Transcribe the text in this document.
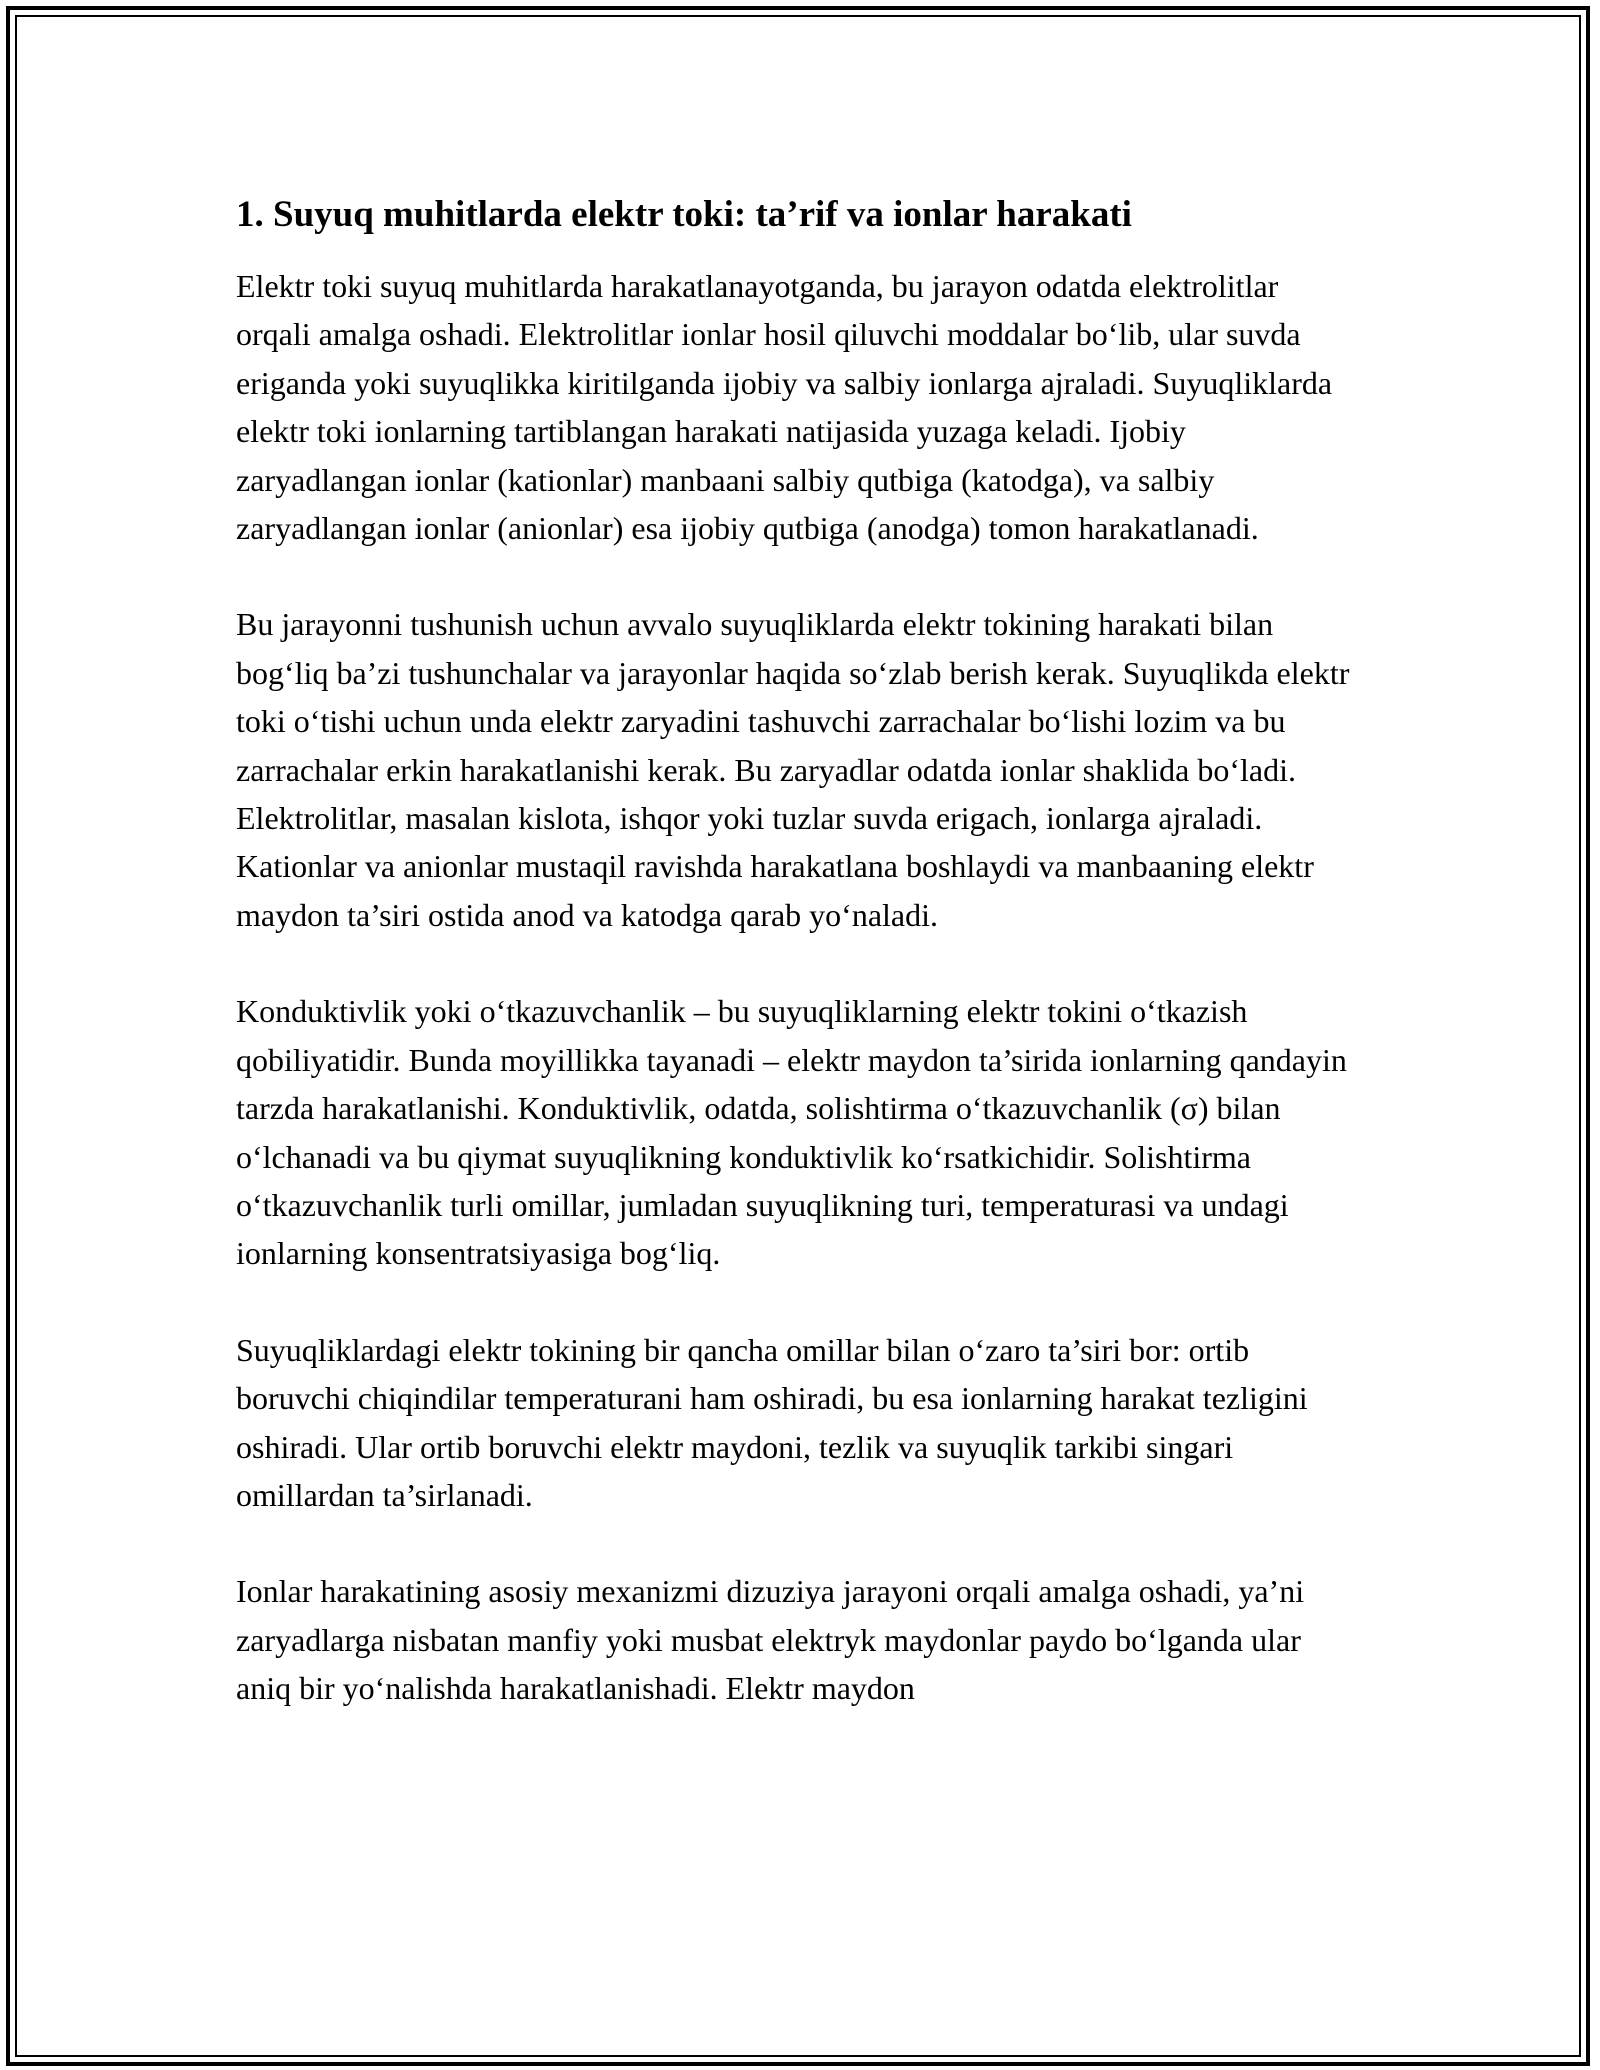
1. Suyuq muhitlarda elektr toki: ta’rif va ionlar harakati

Elektr toki suyuq muhitlarda harakatlanayotganda, bu jarayon odatda elektrolitlar orqali amalga oshadi. Elektrolitlar ionlar hosil qiluvchi moddalar bo‘lib, ular suvda eriganda yoki suyuqlikka kiritilganda ijobiy va salbiy ionlarga ajraladi. Suyuqliklarda elektr toki ionlarning tartiblangan harakati natijasida yuzaga keladi. Ijobiy zaryadlangan ionlar (kationlar) manbaani salbiy qutbiga (katodga), va salbiy zaryadlangan ionlar (anionlar) esa ijobiy qutbiga (anodga) tomon harakatlanadi.

Bu jarayonni tushunish uchun avvalo suyuqliklarda elektr tokining harakati bilan bog‘liq ba’zi tushunchalar va jarayonlar haqida so‘zlab berish kerak. Suyuqlikda elektr toki o‘tishi uchun unda elektr zaryadini tashuvchi zarrachalar bo‘lishi lozim va bu zarrachalar erkin harakatlanishi kerak. Bu zaryadlar odatda ionlar shaklida bo‘ladi. Elektrolitlar, masalan kislota, ishqor yoki tuzlar suvda erigach, ionlarga ajraladi. Kationlar va anionlar mustaqil ravishda harakatlana boshlaydi va manbaaning elektr maydon ta’siri ostida anod va katodga qarab yo‘naladi.

Konduktivlik yoki o‘tkazuvchanlik – bu suyuqliklarning elektr tokini o‘tkazish qobiliyatidir. Bunda moyillikka tayanadi – elektr maydon ta’sirida ionlarning qandayin tarzda harakatlanishi. Konduktivlik, odatda, solishtirma o‘tkazuvchanlik (σ) bilan o‘lchanadi va bu qiymat suyuqlikning konduktivlik ko‘rsatkichidir. Solishtirma o‘tkazuvchanlik turli omillar, jumladan suyuqlikning turi, temperaturasi va undagi ionlarning konsentratsiyasiga bog‘liq.

Suyuqliklardagi elektr tokining bir qancha omillar bilan o‘zaro ta’siri bor: ortib boruvchi chiqindilar temperaturani ham oshiradi, bu esa ionlarning harakat tezligini oshiradi. Ular ortib boruvchi elektr maydoni, tezlik va suyuqlik tarkibi singari omillardan ta’sirlanadi.

Ionlar harakatining asosiy mexanizmi dizuziya jarayoni orqali amalga oshadi, ya’ni zaryadlarga nisbatan manfiy yoki musbat elektryk maydonlar paydo bo‘lganda ular aniq bir yo‘nalishda harakatlanishadi. Elektr maydon
